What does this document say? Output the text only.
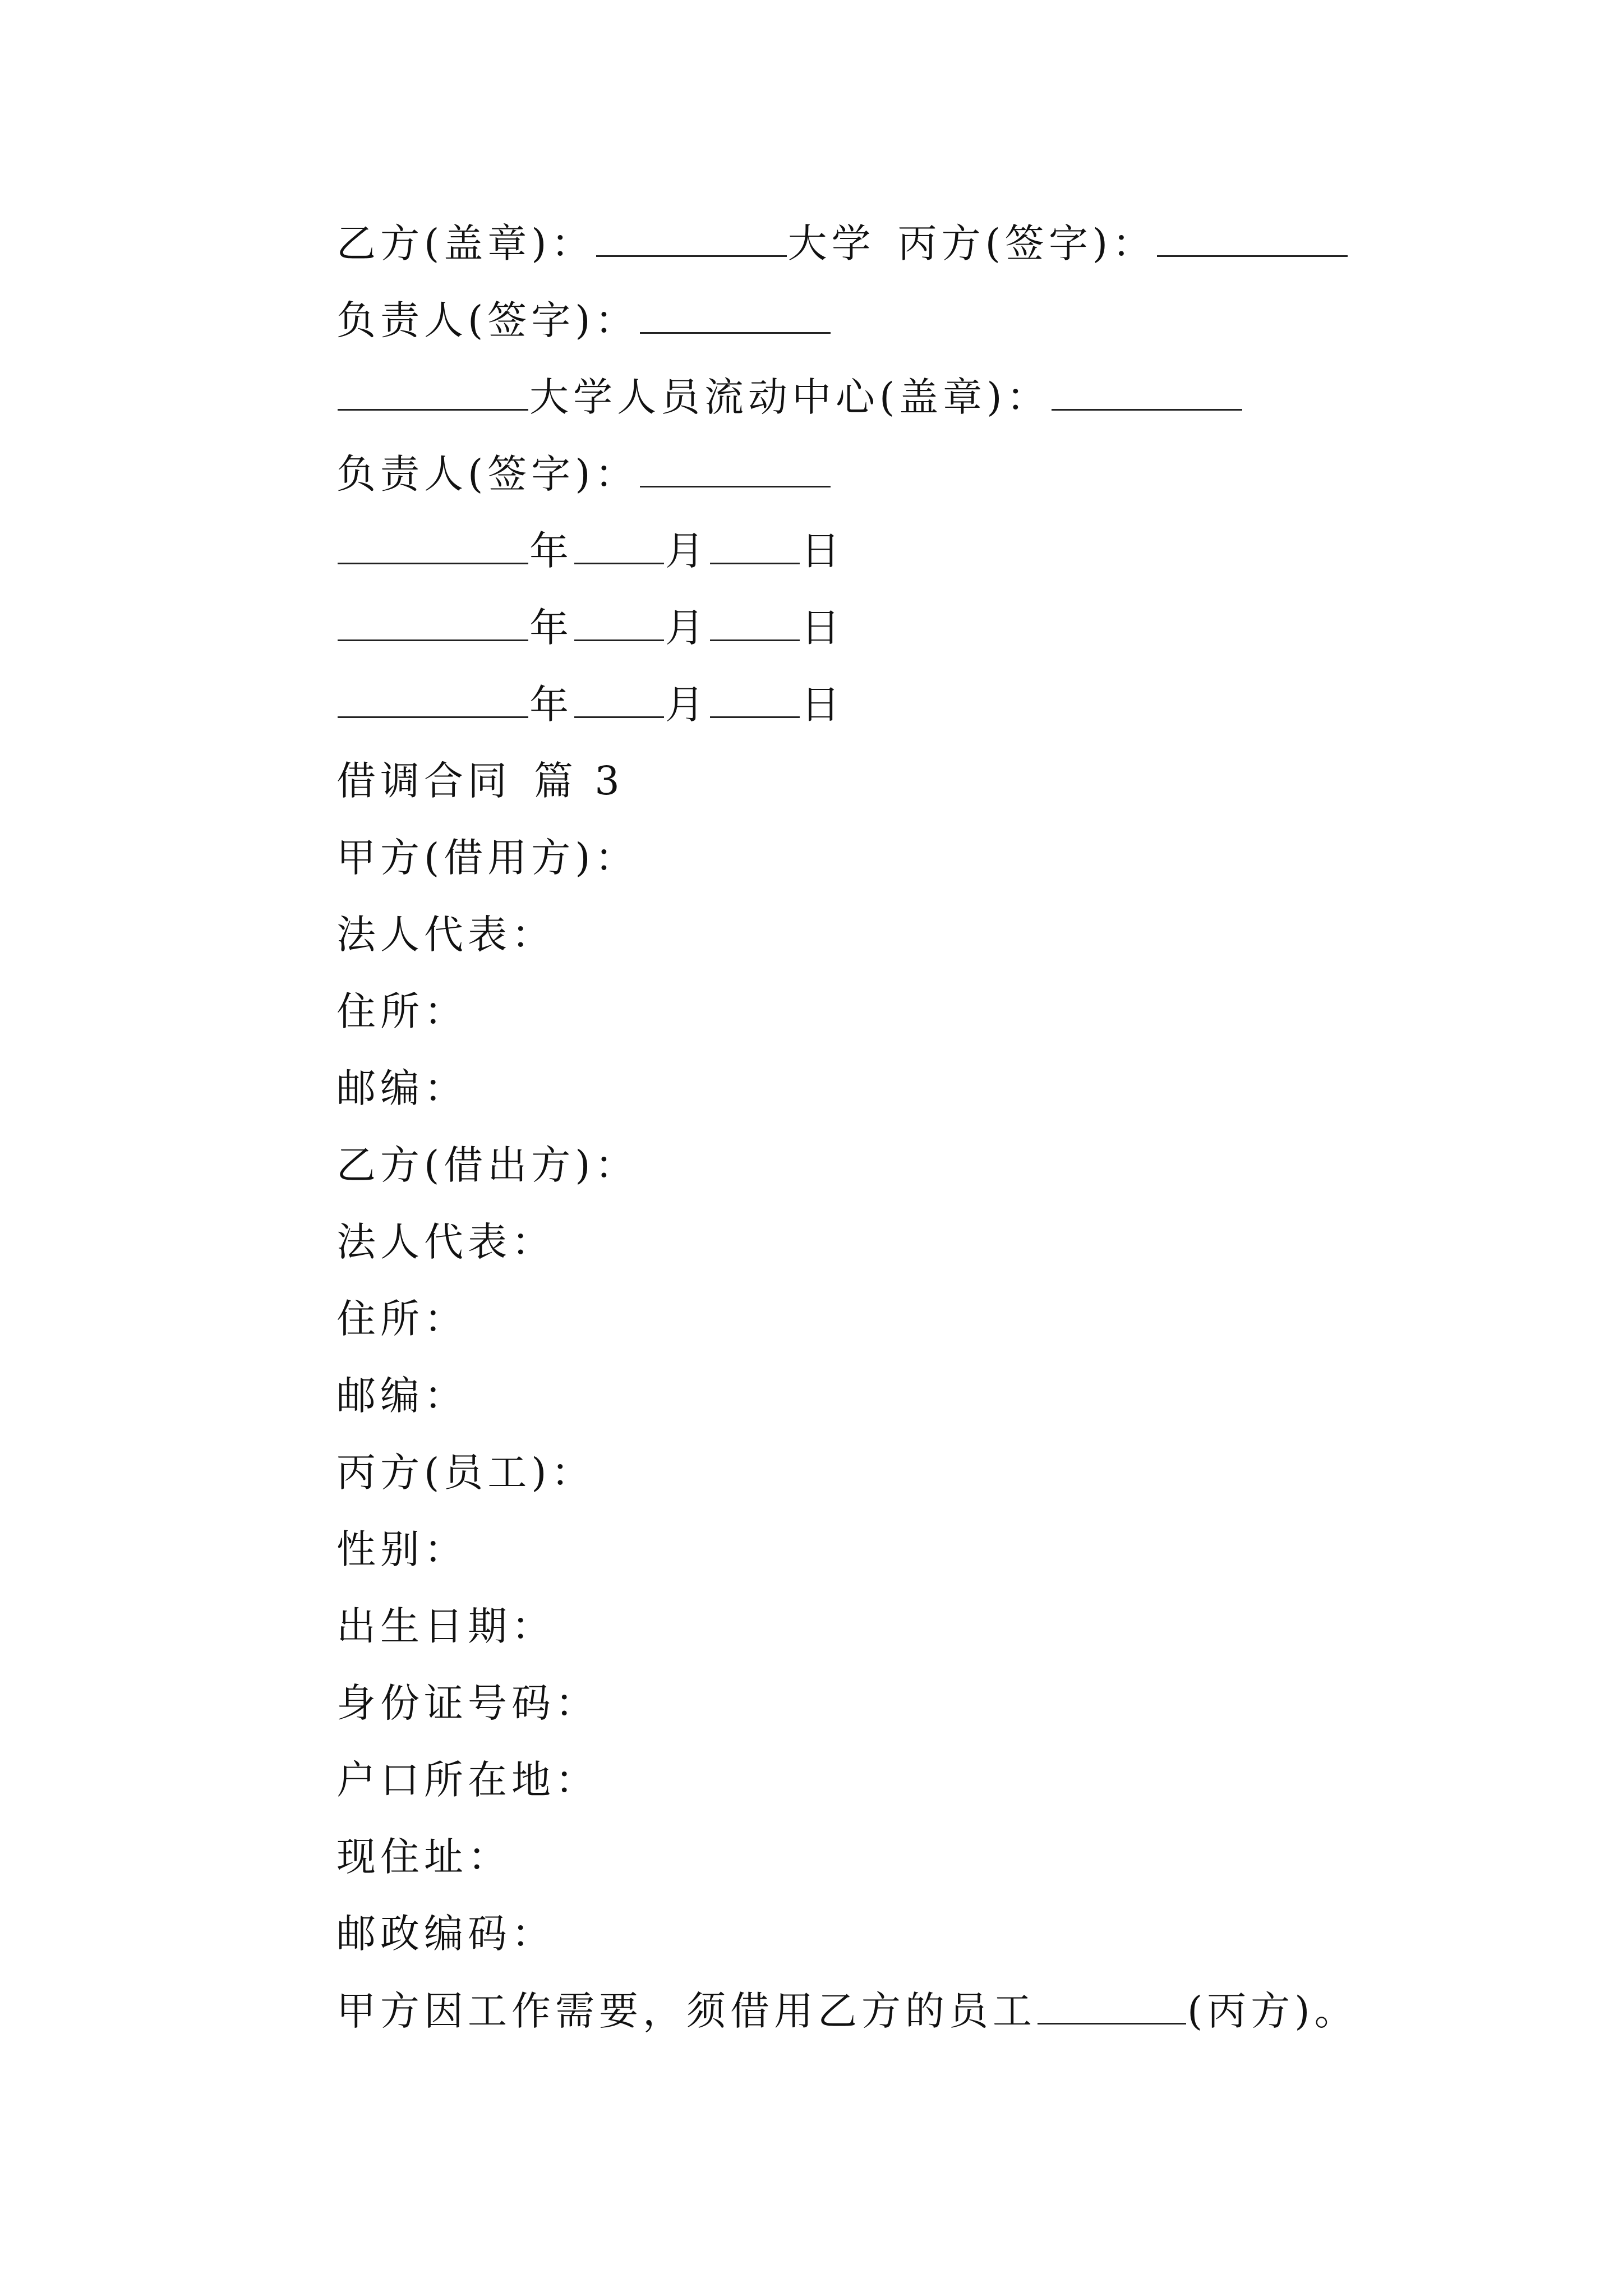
乙方(盖章)：	大学 丙方(签字)：
负责人(签字)：
大学人员流动中心(盖章)：
负责人(签字)：
年 月 日
年 月 日
年 月 日
借调合同 篇 3
甲方(借用方)：
法人代表：
住所：
邮编：
乙方(借出方)：
法人代表：
住所：
邮编：
丙方(员工)：
性别：
出生日期：
身份证号码：
户口所在地：
现住址：
邮政编码：
甲方因工作需要，须借用乙方的员工	(丙方)。
